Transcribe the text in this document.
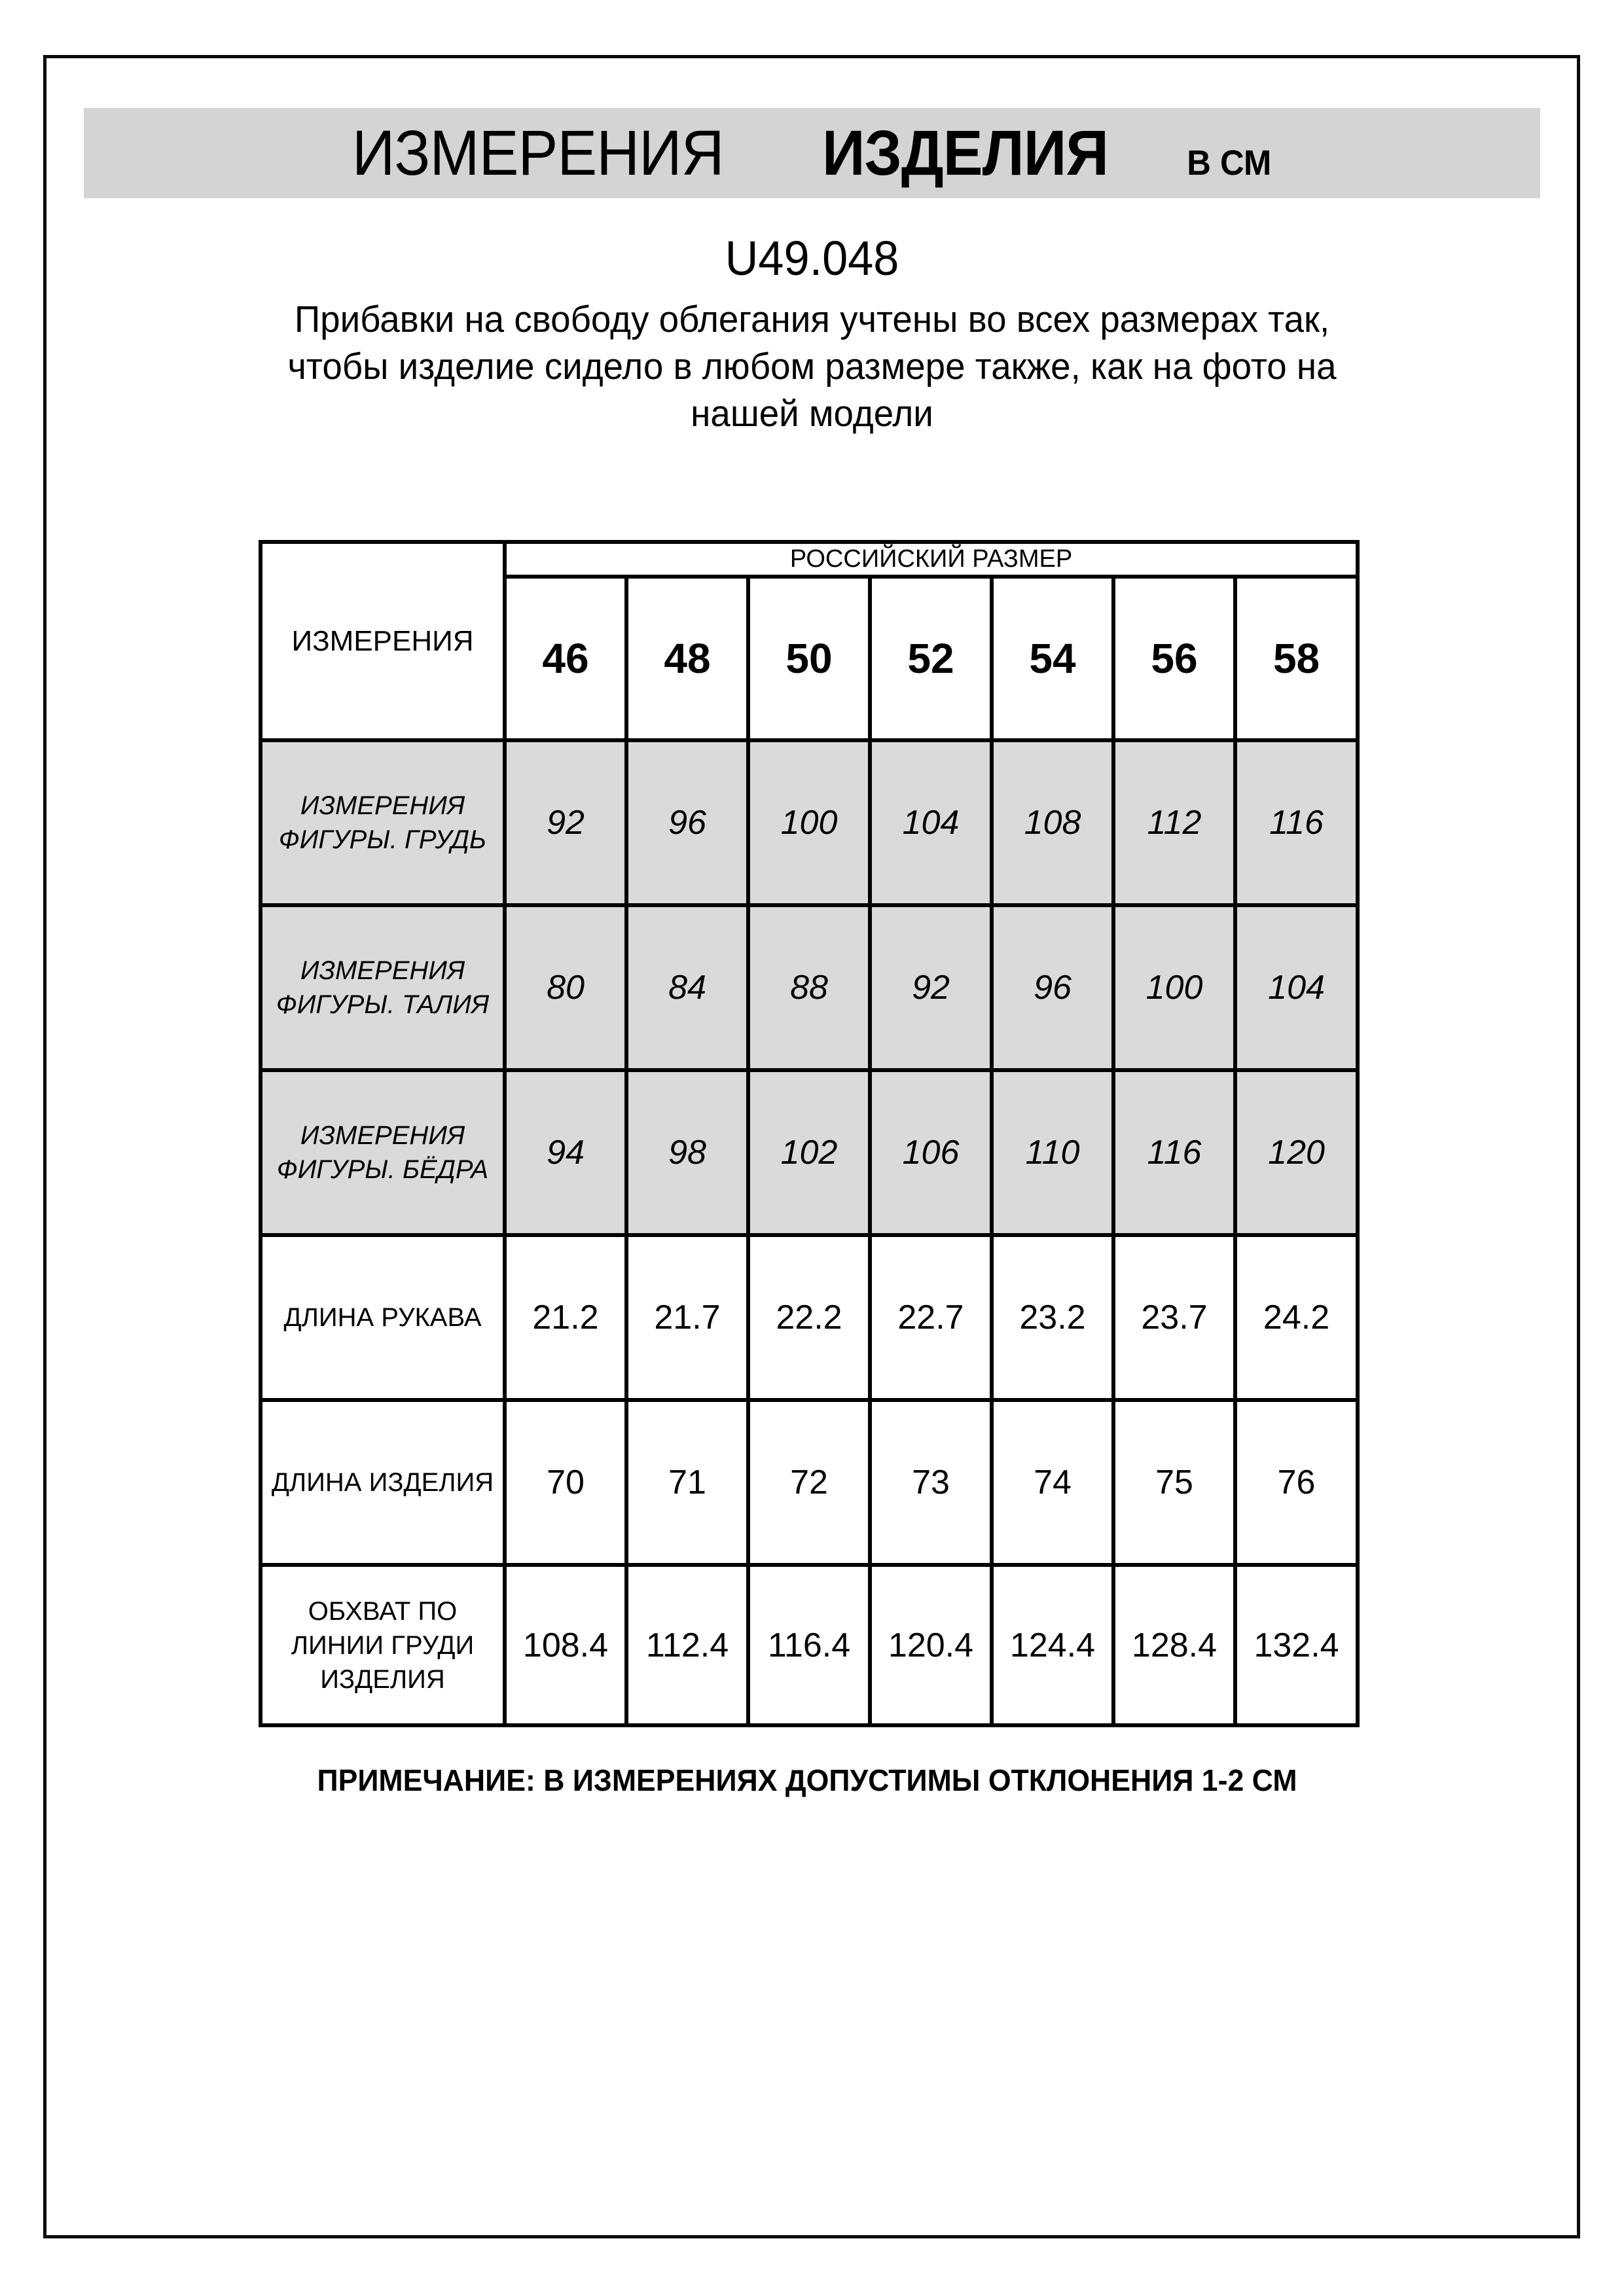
ИЗМЕРЕНИЯ ИЗДЕЛИЯ В СМ
U49.048
Прибавки на свободу облегания учтены во всех размерах так,
чтобы изделие сидело в любом размере также, как на фото на
нашей модели
ИЗМЕРЕНИЯ	РОССИЙСКИЙ РАЗМЕР						
	46	48	50	52	54	56	58

ИЗМЕРЕНИЯ
ФИГУРЫ. ГРУДЬ	92	96	100	104	108	112	116

ИЗМЕРЕНИЯ
ФИГУРЫ. ТАЛИЯ	80	84	88	92	96	100	104

ИЗМЕРЕНИЯ
ФИГУРЫ. БЁДРА	94	98	102	106	110	116	120

ДЛИНА РУКАВА	21.2	21.7	22.2	22.7	23.2	23.7	24.2

ДЛИНА ИЗДЕЛИЯ	70	71	72	73	74	75	76

ОБХВАТ ПО
ЛИНИИ ГРУДИ
ИЗДЕЛИЯ	108.4	112.4	116.4	120.4	124.4	128.4	132.4
ПРИМЕЧАНИЕ: В ИЗМЕРЕНИЯХ ДОПУСТИМЫ ОТКЛОНЕНИЯ 1-2 СМ
